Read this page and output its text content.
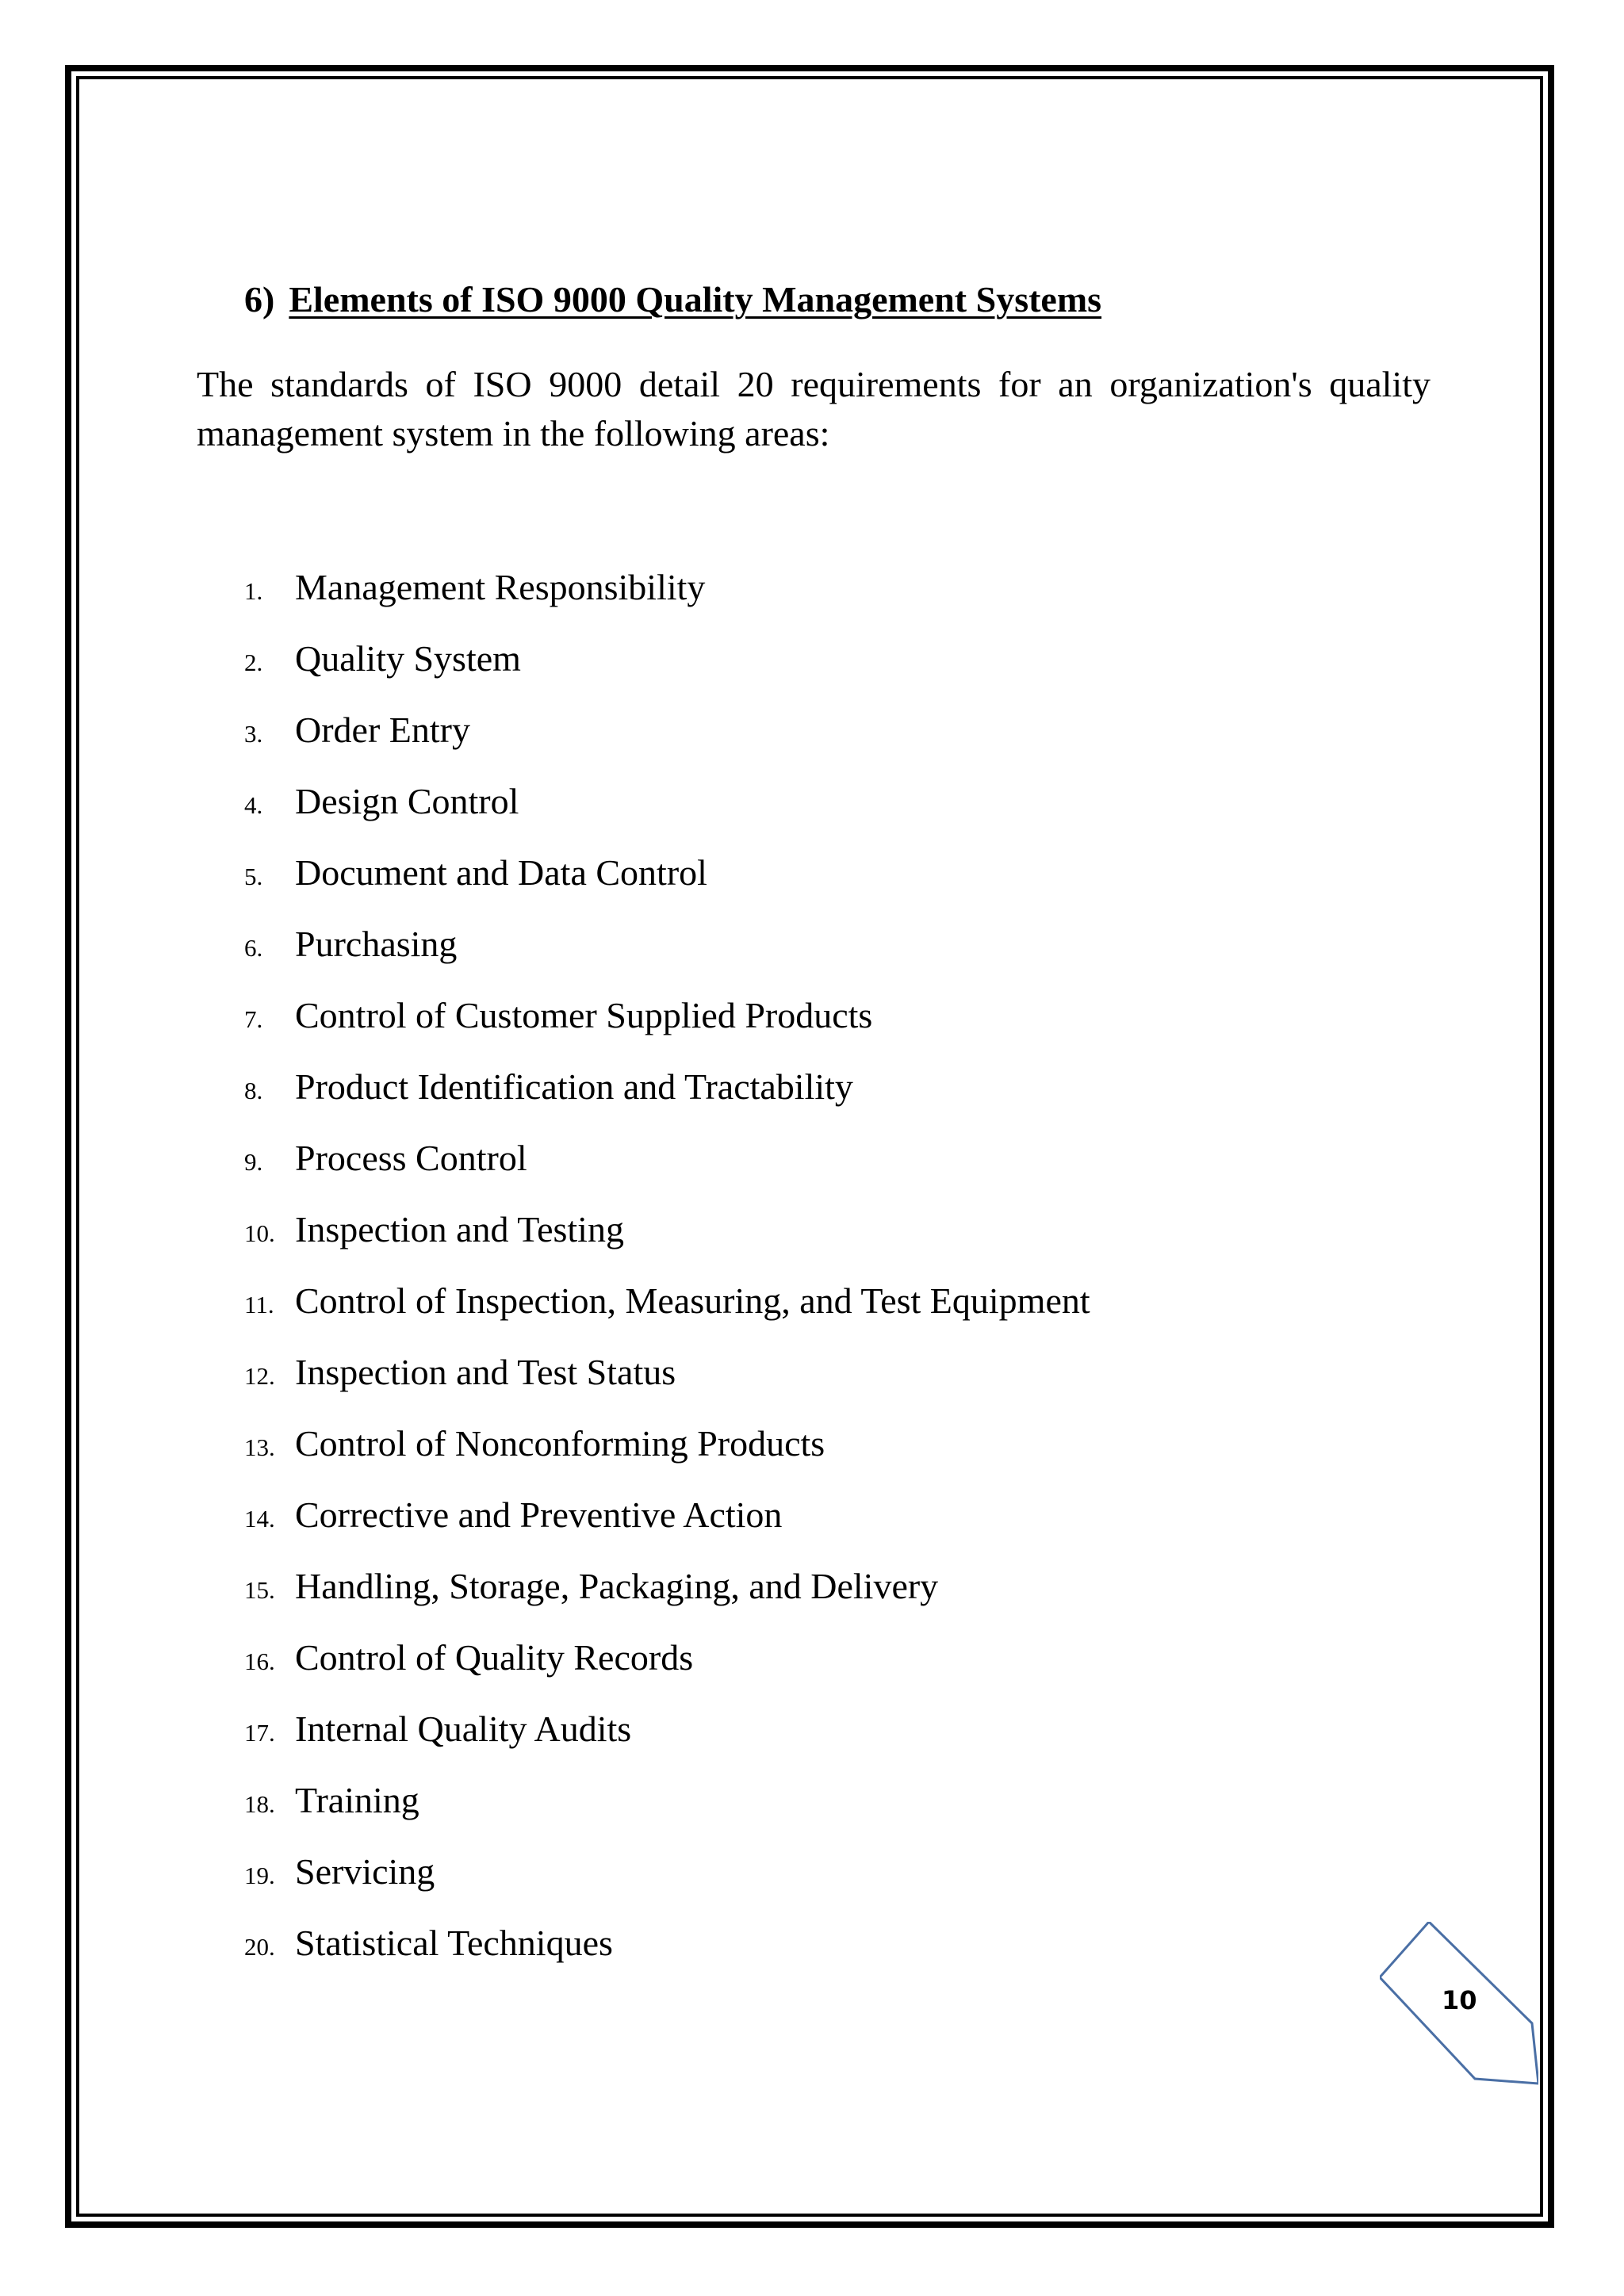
6) Elements of ISO 9000 Quality Management Systems

The standards of ISO 9000 detail 20 requirements for an organization's quality management system in the following areas:

1. Management Responsibility
2. Quality System
3. Order Entry
4. Design Control
5. Document and Data Control
6. Purchasing
7. Control of Customer Supplied Products
8. Product Identification and Tractability
9. Process Control
10. Inspection and Testing
11. Control of Inspection, Measuring, and Test Equipment
12. Inspection and Test Status
13. Control of Nonconforming Products
14. Corrective and Preventive Action
15. Handling, Storage, Packaging, and Delivery
16. Control of Quality Records
17. Internal Quality Audits
18. Training
19. Servicing
20. Statistical Techniques
10
